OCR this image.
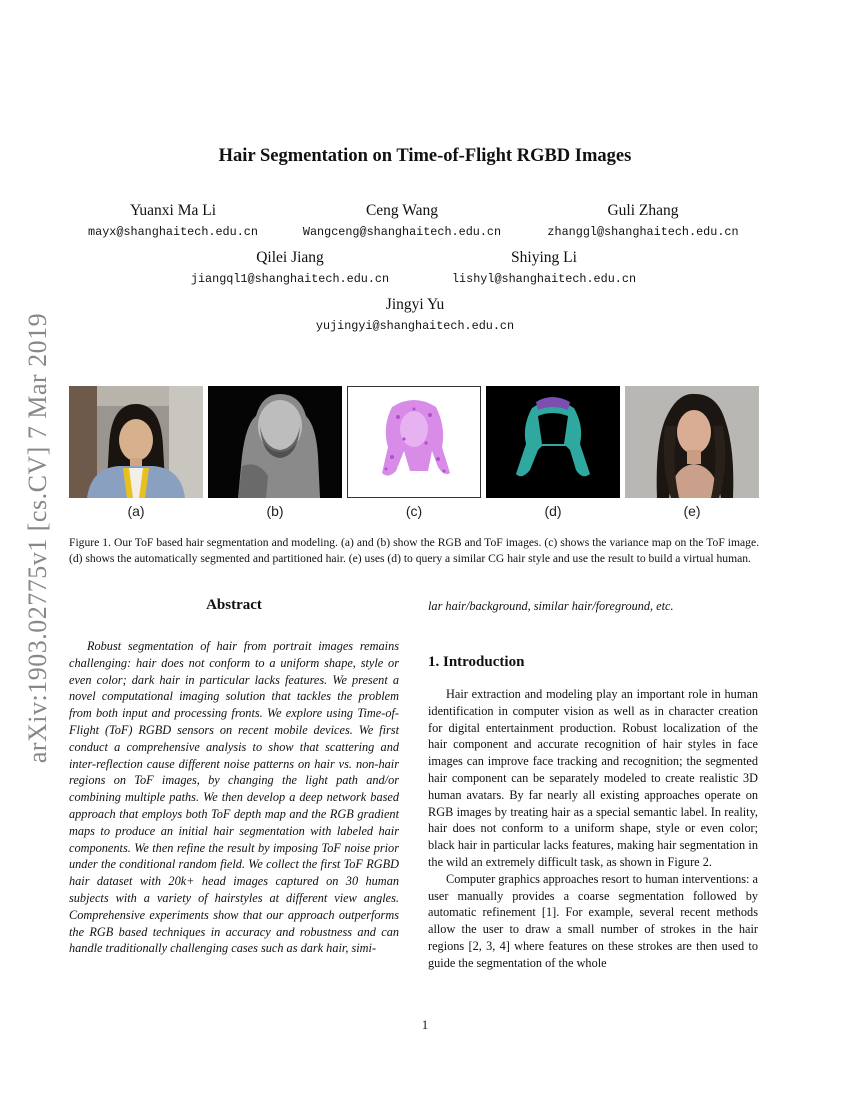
arXiv:1903.02775v1 [cs.CV] 7 Mar 2019
Hair Segmentation on Time-of-Flight RGBD Images
Yuanxi Ma Li
mayx@shanghaitech.edu.cn
Ceng Wang
Wangceng@shanghaitech.edu.cn
Guli Zhang
zhanggl@shanghaitech.edu.cn
Qilei Jiang
jiangql1@shanghaitech.edu.cn
Shiying Li
lishyl@shanghaitech.edu.cn
Jingyi Yu
yujingyi@shanghaitech.edu.cn
(a)	(b)	(c)	(d)	(e)
Figure 1. Our ToF based hair segmentation and modeling. (a) and (b) show the RGB and ToF images. (c) shows the variance map on the ToF image. (d) shows the automatically segmented and partitioned hair. (e) uses (d) to query a similar CG hair style and use the result to build a virtual human.
Abstract

Robust segmentation of hair from portrait images remains challenging: hair does not conform to a uniform shape, style or even color; dark hair in particular lacks features. We present a novel computational imaging solution that tackles the problem from both input and processing fronts. We explore using Time-of-Flight (ToF) RGBD sensors on recent mobile devices. We first conduct a comprehensive analysis to show that scattering and inter-reflection cause different noise patterns on hair vs. non-hair regions on ToF images, by changing the light path and/or combining multiple paths. We then develop a deep network based approach that employs both ToF depth map and the RGB gradient maps to produce an initial hair segmentation with labeled hair components. We then refine the result by imposing ToF noise prior under the conditional random field. We collect the first ToF RGBD hair dataset with 20k+ head images captured on 30 human subjects with a variety of hairstyles at different view angles. Comprehensive experiments show that our approach outperforms the RGB based techniques in accuracy and robustness and can handle traditionally challenging cases such as dark hair, simi-

lar hair/background, similar hair/foreground, etc.
1. Introduction

Hair extraction and modeling play an important role in human identification in computer vision as well as in character creation for digital entertainment production. Robust localization of the hair component and accurate recognition of hair styles in face images can improve face tracking and recognition; the segmented hair component can be separately modeled to create realistic 3D human avatars. By far nearly all existing approaches operate on RGB images by treating hair as a special semantic label. In reality, hair does not conform to a uniform shape, style or even color; black hair in particular lacks features, making hair segmentation in the wild an extremely difficult task, as shown in Figure 2.

Computer graphics approaches resort to human interventions: a user manually provides a coarse segmentation followed by automatic refinement [1]. For example, several recent methods allow the user to draw a small number of strokes in the hair regions [2, 3, 4] where features on these strokes are then used to guide the segmentation of the whole

1
